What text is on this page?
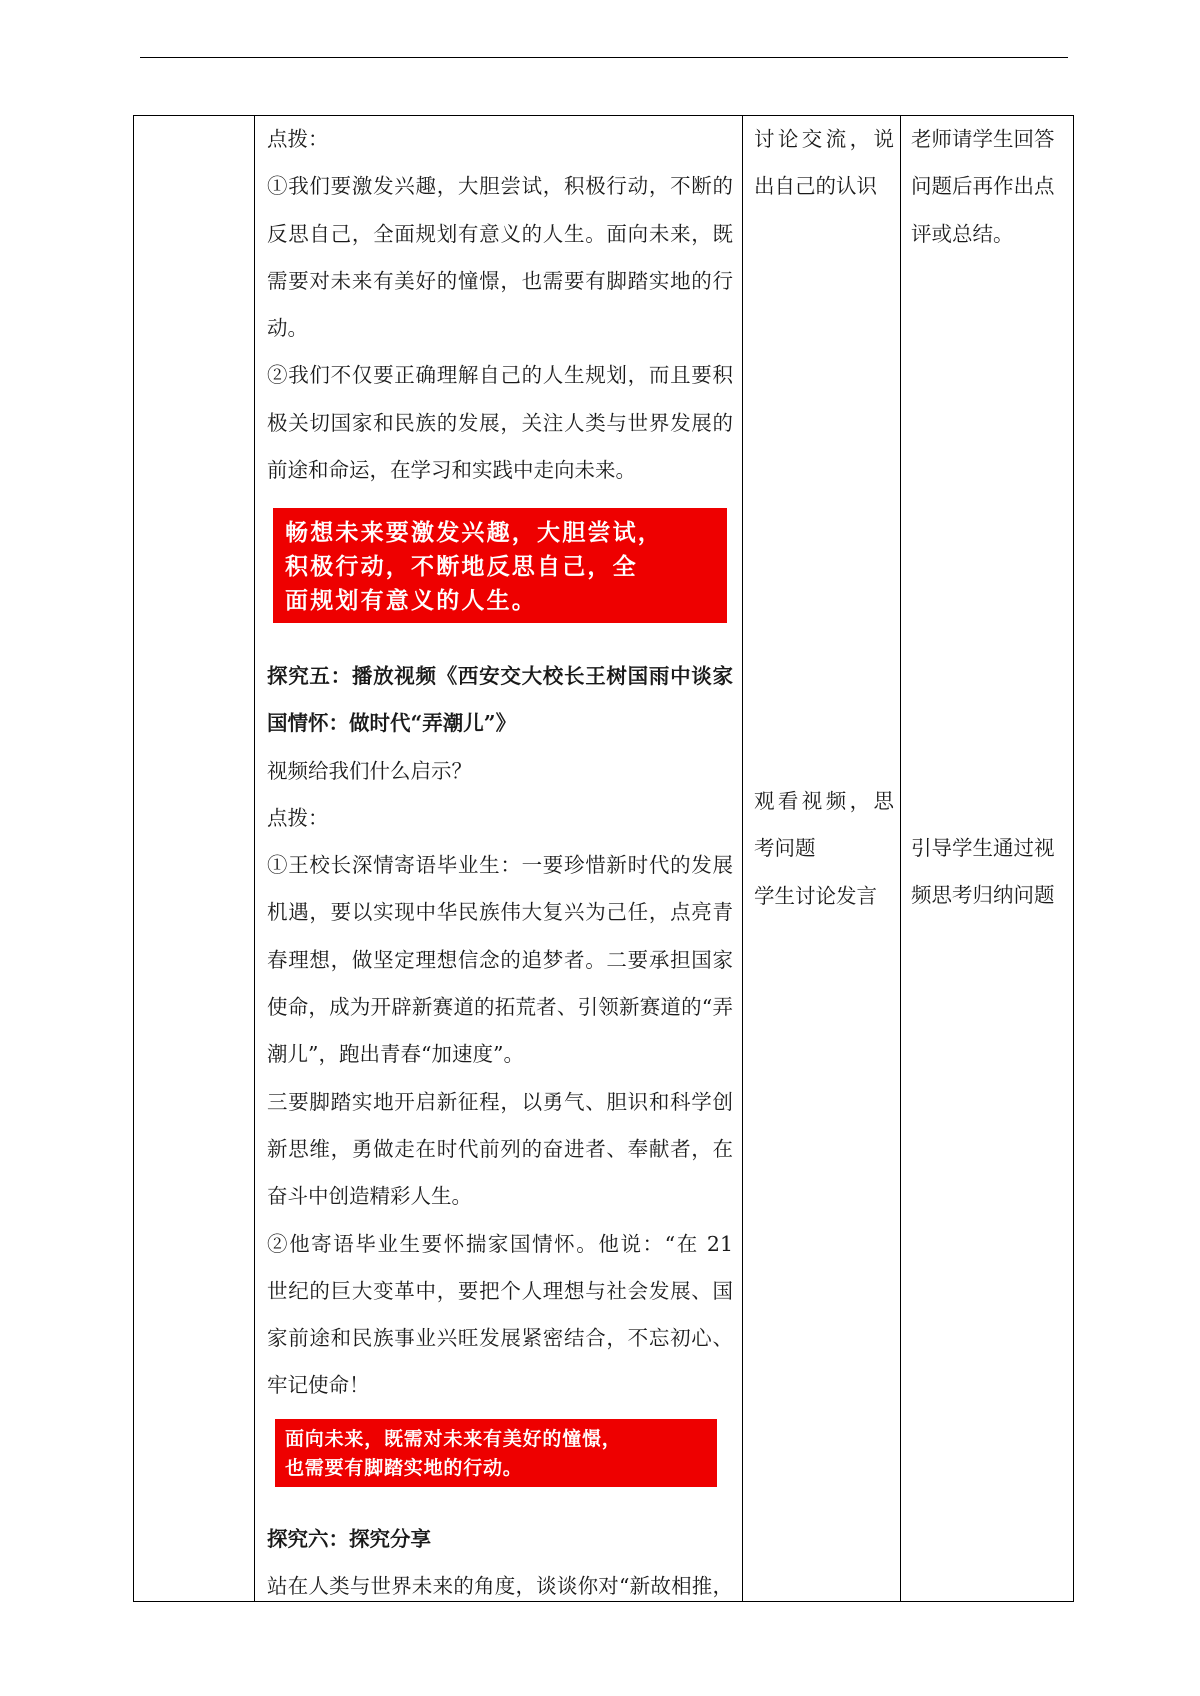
点拨：
①我们要激发兴趣，大胆尝试，积极行动，不断的
反思自己，全面规划有意义的人生。面向未来，既
需要对未来有美好的憧憬，也需要有脚踏实地的行
动。
②我们不仅要正确理解自己的人生规划，而且要积
极关切国家和民族的发展，关注人类与世界发展的
前途和命运，在学习和实践中走向未来。
畅想未来要激发兴趣，大胆尝试，
积极行动，不断地反思自己，全
面规划有意义的人生。
探究五：播放视频《西安交大校长王树国雨中谈家
国情怀：做时代“弄潮儿”》
视频给我们什么启示？
点拨：
①王校长深情寄语毕业生：一要珍惜新时代的发展
机遇，要以实现中华民族伟大复兴为己任，点亮青
春理想，做坚定理想信念的追梦者。二要承担国家
使命，成为开辟新赛道的拓荒者、引领新赛道的“弄
潮儿”，跑出青春“加速度”。
三要脚踏实地开启新征程，以勇气、胆识和科学创
新思维，勇做走在时代前列的奋进者、奉献者，在
奋斗中创造精彩人生。
②他寄语毕业生要怀揣家国情怀。他说：“在 21
世纪的巨大变革中，要把个人理想与社会发展、国
家前途和民族事业兴旺发展紧密结合，不忘初心、
牢记使命！
面向未来，既需对未来有美好的憧憬，
也需要有脚踏实地的行动。
探究六：探究分享
站在人类与世界未来的角度，谈谈你对“新故相推，
讨论交流，说
出自己的认识
观看视频，思
考问题
学生讨论发言
老师请学生回答
问题后再作出点
评或总结。
引导学生通过视
频思考归纳问题
